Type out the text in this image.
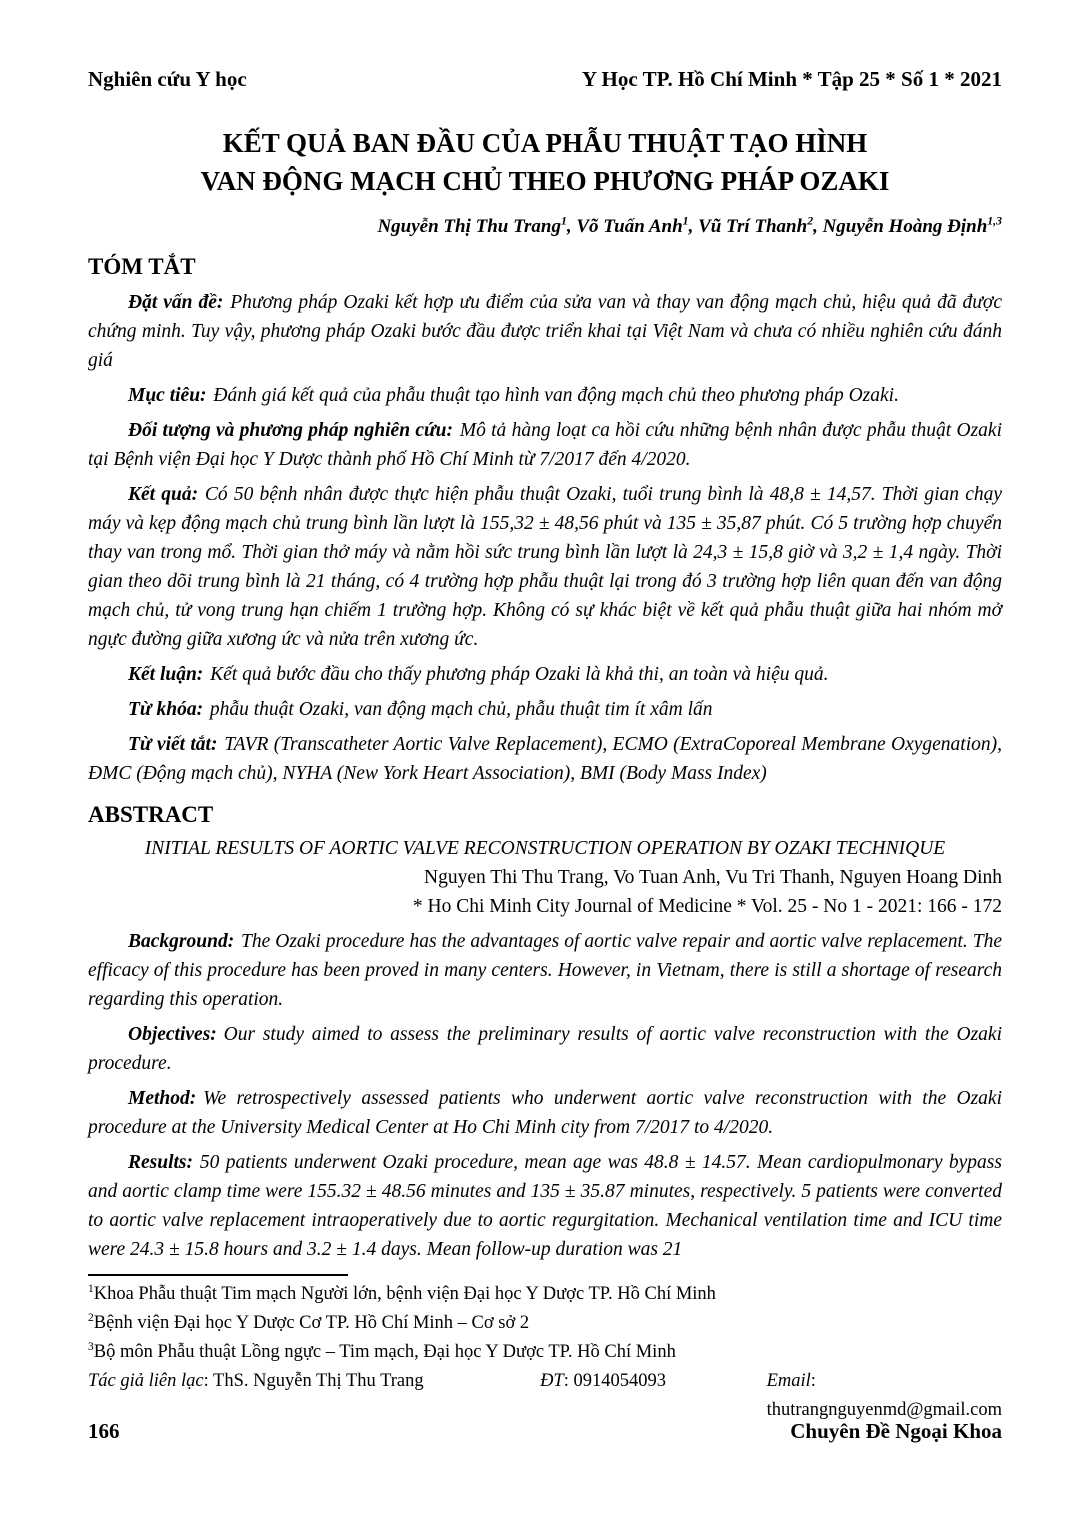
Nghiên cứu Y học	Y Học TP. Hồ Chí Minh * Tập 25 * Số 1 * 2021
KẾT QUẢ BAN ĐẦU CỦA PHẪU THUẬT TẠO HÌNH
VAN ĐỘNG MẠCH CHỦ THEO PHƯƠNG PHÁP OZAKI
Nguyễn Thị Thu Trang$^1$, Võ Tuấn Anh$^1$, Vũ Trí Thanh$^2$, Nguyễn Hoàng Định$^{1,3}$
TÓM TẮT

Đặt vấn đề: Phương pháp Ozaki kết hợp ưu điểm của sửa van và thay van động mạch chủ, hiệu quả đã được chứng minh. Tuy vậy, phương pháp Ozaki bước đầu được triển khai tại Việt Nam và chưa có nhiều nghiên cứu đánh giá

Mục tiêu: Đánh giá kết quả của phẫu thuật tạo hình van động mạch chủ theo phương pháp Ozaki.

Đối tượng và phương pháp nghiên cứu: Mô tả hàng loạt ca hồi cứu những bệnh nhân được phẫu thuật Ozaki tại Bệnh viện Đại học Y Dược thành phố Hồ Chí Minh từ 7/2017 đến 4/2020.

Kết quả: Có 50 bệnh nhân được thực hiện phẫu thuật Ozaki, tuổi trung bình là 48,8 ± 14,57. Thời gian chạy máy và kẹp động mạch chủ trung bình lần lượt là 155,32 ± 48,56 phút và 135 ± 35,87 phút. Có 5 trường hợp chuyển thay van trong mổ. Thời gian thở máy và nằm hồi sức trung bình lần lượt là 24,3 ± 15,8 giờ và 3,2 ± 1,4 ngày. Thời gian theo dõi trung bình là 21 tháng, có 4 trường hợp phẫu thuật lại trong đó 3 trường hợp liên quan đến van động mạch chủ, tử vong trung hạn chiếm 1 trường hợp. Không có sự khác biệt về kết quả phẫu thuật giữa hai nhóm mở ngực đường giữa xương ức và nửa trên xương ức.

Kết luận: Kết quả bước đầu cho thấy phương pháp Ozaki là khả thi, an toàn và hiệu quả.

Từ khóa: phẫu thuật Ozaki, van động mạch chủ, phẫu thuật tim ít xâm lấn

Từ viết tắt: TAVR (Transcatheter Aortic Valve Replacement), ECMO (ExtraCoporeal Membrane Oxygenation), ĐMC (Động mạch chủ), NYHA (New York Heart Association), BMI (Body Mass Index)

ABSTRACT
INITIAL RESULTS OF AORTIC VALVE RECONSTRUCTION OPERATION BY OZAKI TECHNIQUE
Nguyen Thi Thu Trang, Vo Tuan Anh, Vu Tri Thanh, Nguyen Hoang Dinh
* Ho Chi Minh City Journal of Medicine * Vol. 25 - No 1 - 2021: 166 - 172

Background: The Ozaki procedure has the advantages of aortic valve repair and aortic valve replacement. The efficacy of this procedure has been proved in many centers. However, in Vietnam, there is still a shortage of research regarding this operation.

Objectives: Our study aimed to assess the preliminary results of aortic valve reconstruction with the Ozaki procedure.

Method: We retrospectively assessed patients who underwent aortic valve reconstruction with the Ozaki procedure at the University Medical Center at Ho Chi Minh city from 7/2017 to 4/2020.

Results: 50 patients underwent Ozaki procedure, mean age was 48.8 ± 14.57. Mean cardiopulmonary bypass and aortic clamp time were 155.32 ± 48.56 minutes and 135 ± 35.87 minutes, respectively. 5 patients were converted to aortic valve replacement intraoperatively due to aortic regurgitation. Mechanical ventilation time and ICU time were 24.3 ± 15.8 hours and 3.2 ± 1.4 days. Mean follow-up duration was 21

$^1$Khoa Phẫu thuật Tim mạch Người lớn, bệnh viện Đại học Y Dược TP. Hồ Chí Minh
$^2$Bệnh viện Đại học Y Dược Cơ TP. Hồ Chí Minh – Cơ sở 2
$^3$Bộ môn Phẫu thuật Lồng ngực – Tim mạch, Đại học Y Dược TP. Hồ Chí Minh
Tác giả liên lạc: ThS. Nguyễn Thị Thu Trang	ĐT: 0914054093	Email: thutrangnguyenmd@gmail.com
166	Chuyên Đề Ngoại Khoa
